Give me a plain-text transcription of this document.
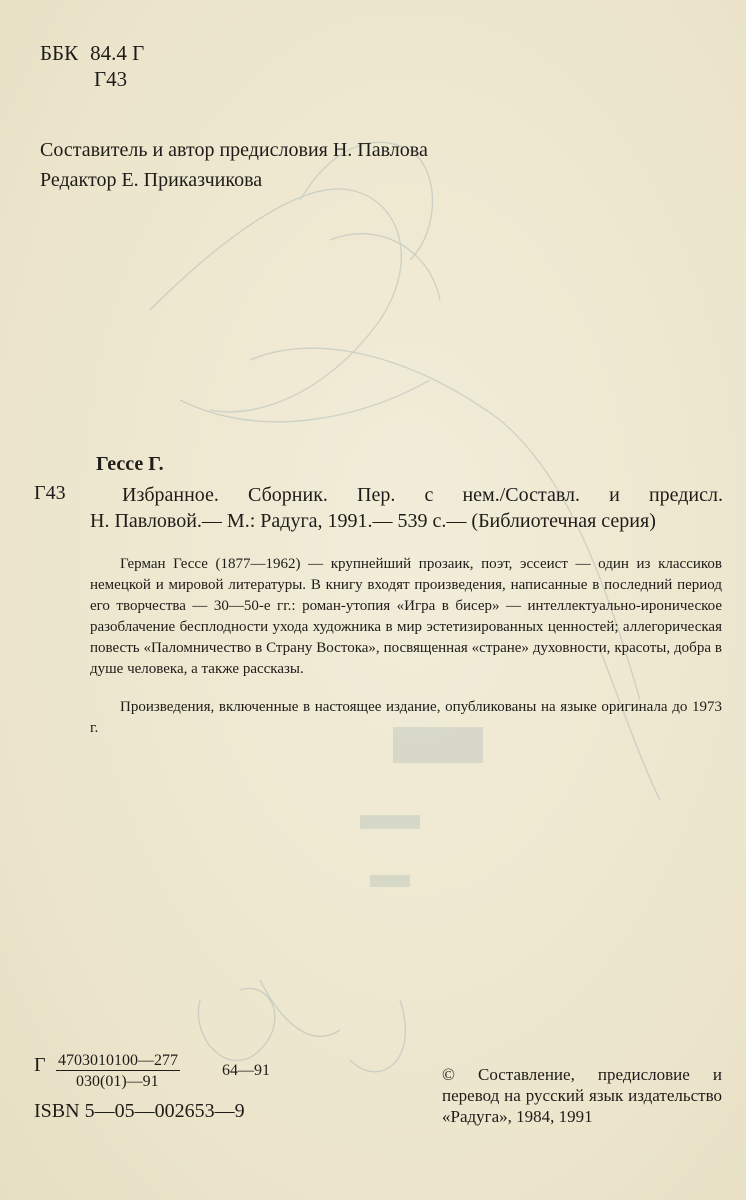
ББК 84.4 Г
Г43
Составитель и автор предисловия Н. Павлова
Редактор Е. Приказчикова
Гессе Г.
Г43	Избранное. Сборник. Пер. с нем./Составл. и предисл.
Н. Павловой.— М.: Радуга, 1991.— 539 с.— (Библиотечная серия)

Герман Гессе (1877—1962) — крупнейший прозаик, поэт, эссеист — один из классиков немецкой и мировой литературы. В книгу входят произведения, написанные в последний период его творчества — 30—50-е гг.: роман-утопия «Игра в бисер» — интеллектуально-ироническое разоблачение бесплодности ухода художника в мир эстетизированных ценностей; аллегорическая повесть «Паломничество в Страну Востока», посвященная «стране» духовности, красоты, добра в душе человека, а также рассказы.

Произведения, включенные в настоящее издание, опубликованы на языке оригинала до 1973 г.

Г $\frac{4703010100—277}{030(01)—91}$	64—91
ISBN 5—05—002653—9
© Составление, предисловие и перевод на русский язык издательство «Радуга», 1984, 1991
